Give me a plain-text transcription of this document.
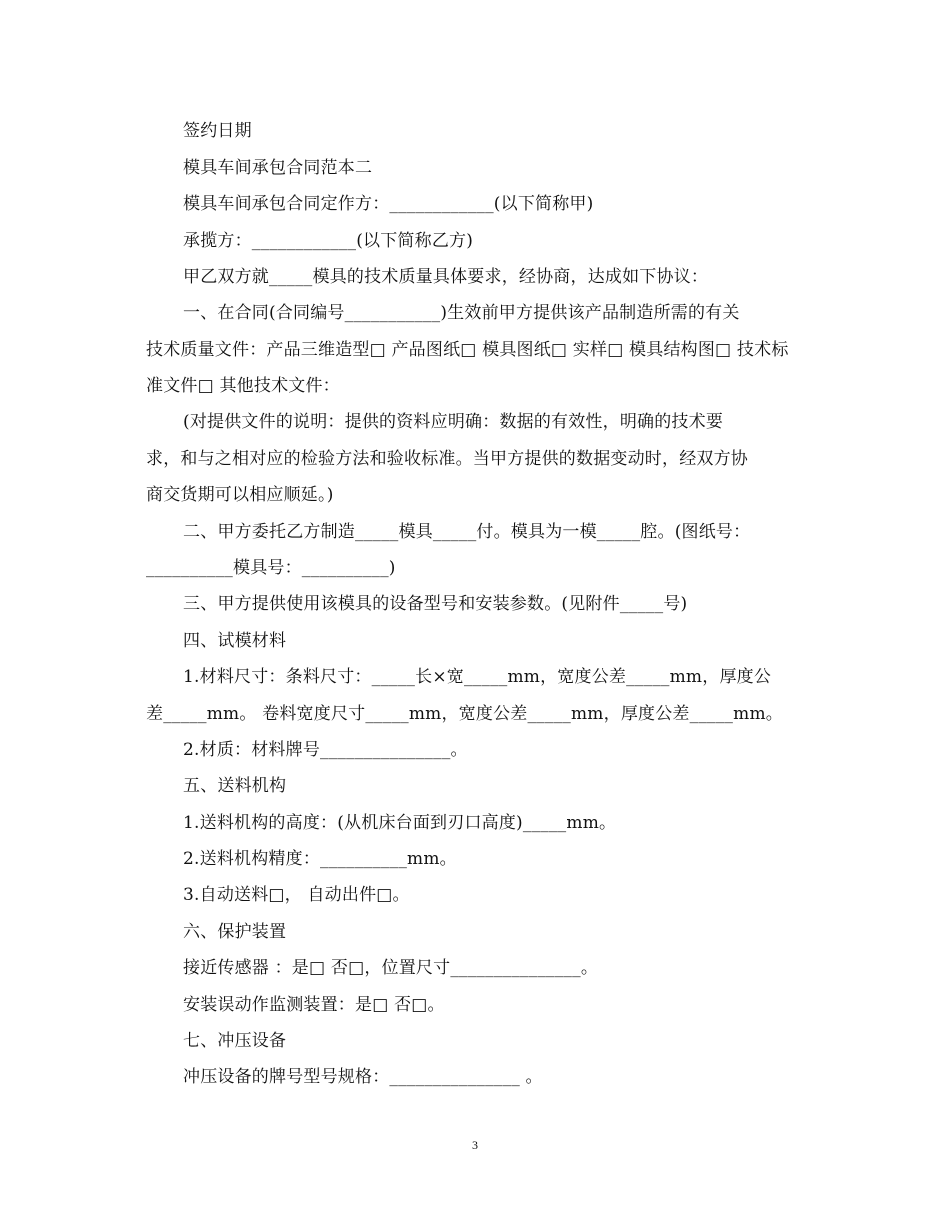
签约日期
模具车间承包合同范本二
模具车间承包合同定作方：____________(以下简称甲)
承揽方：____________(以下简称乙方)
甲乙双方就_____模具的技术质量具体要求，经协商，达成如下协议：
一、在合同(合同编号___________)生效前甲方提供该产品制造所需的有关
技术质量文件：产品三维造型□ 产品图纸□ 模具图纸□ 实样□ 模具结构图□ 技术标
准文件□ 其他技术文件：
(对提供文件的说明：提供的资料应明确：数据的有效性，明确的技术要
求，和与之相对应的检验方法和验收标准。当甲方提供的数据变动时，经双方协
商交货期可以相应顺延。)
二、甲方委托乙方制造_____模具_____付。模具为一模_____腔。(图纸号：
__________模具号：__________)
三、甲方提供使用该模具的设备型号和安装参数。(见附件_____号)
四、试模材料
1.材料尺寸：条料尺寸：_____长×宽_____mm，宽度公差_____mm，厚度公
差_____mm。 卷料宽度尺寸_____mm，宽度公差_____mm，厚度公差_____mm。
2.材质：材料牌号_______________。
五、送料机构
1.送料机构的高度：(从机床台面到刃口高度)_____mm。
2.送料机构精度：__________mm。
3.自动送料□， 自动出件□。
六、保护装置
接近传感器 ：是□ 否□，位置尺寸_______________。
安装误动作监测装置：是□ 否□。
七、冲压设备
冲压设备的牌号型号规格：_______________ 。
3
